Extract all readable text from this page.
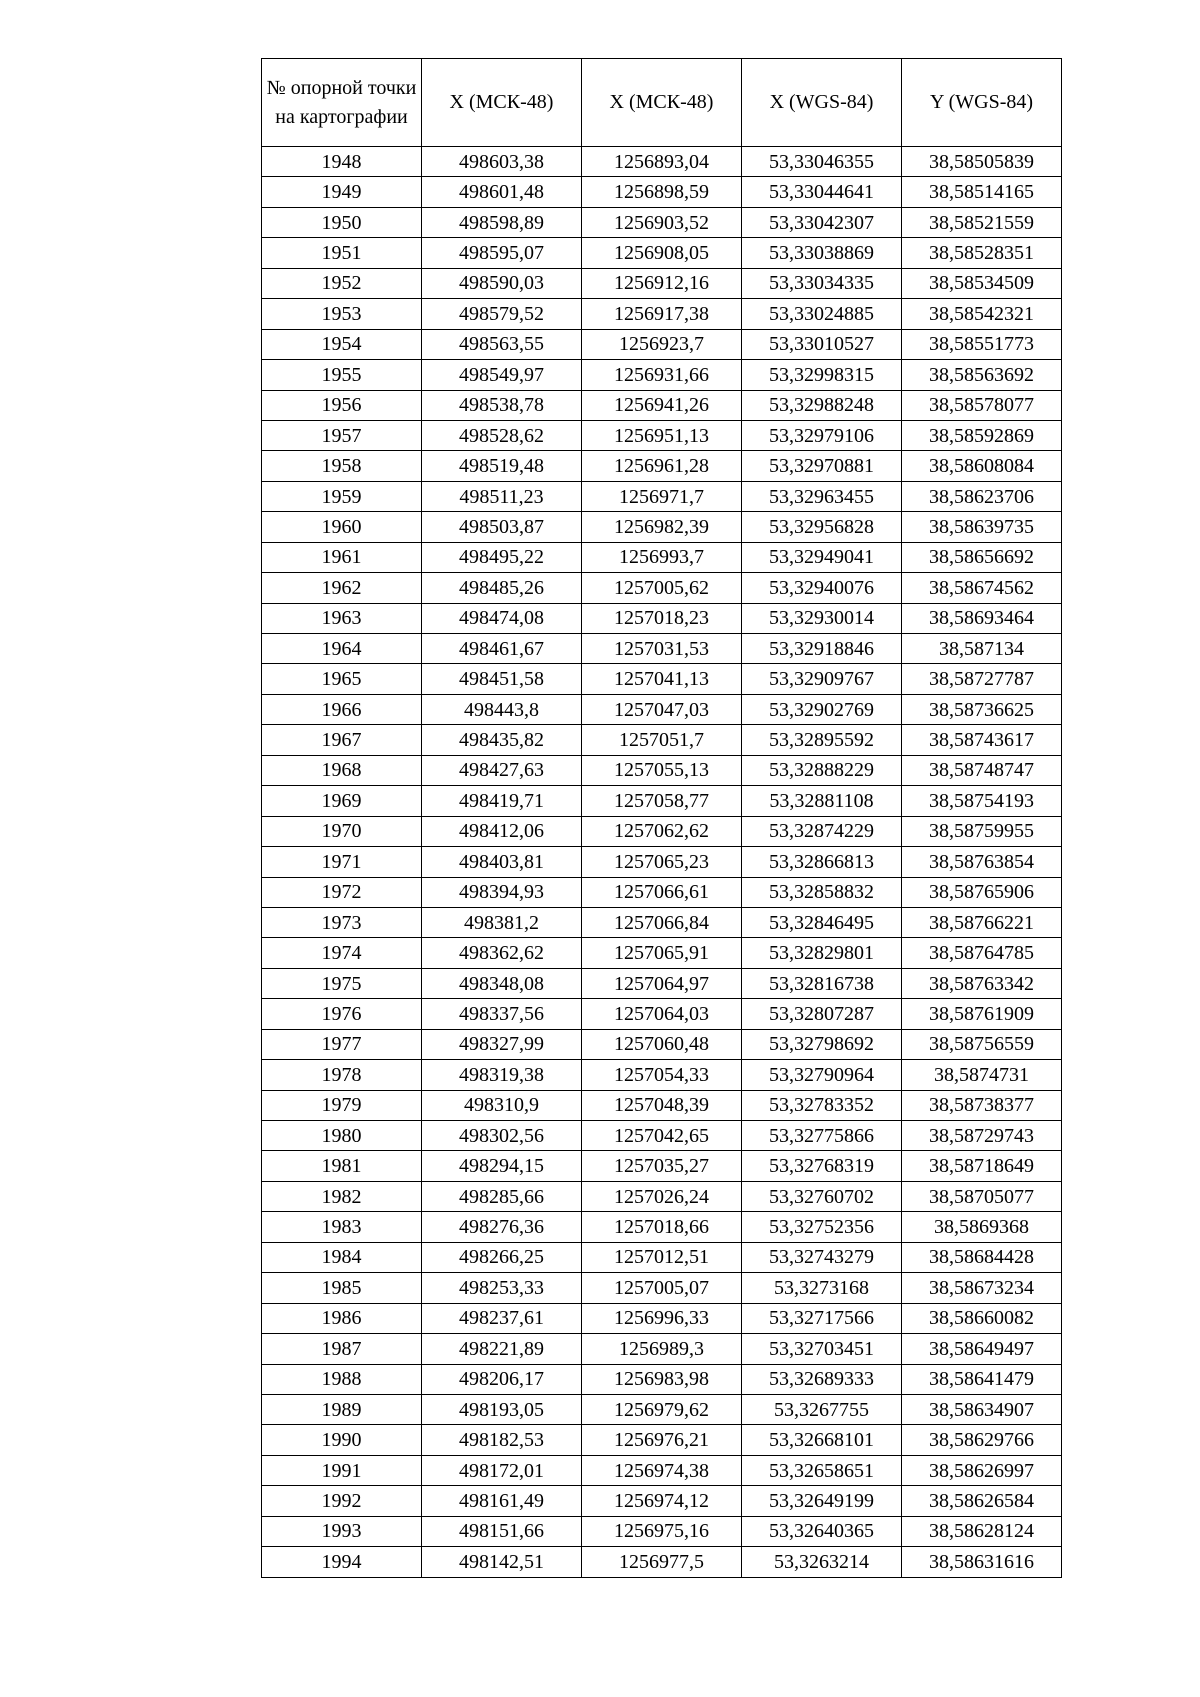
№ опорной точки на картографии	X (МСК-48)	X (МСК-48)	X (WGS-84)	Y (WGS-84)
1948	498603,38	1256893,04	53,33046355	38,58505839
1949	498601,48	1256898,59	53,33044641	38,58514165
1950	498598,89	1256903,52	53,33042307	38,58521559
1951	498595,07	1256908,05	53,33038869	38,58528351
1952	498590,03	1256912,16	53,33034335	38,58534509
1953	498579,52	1256917,38	53,33024885	38,58542321
1954	498563,55	1256923,7	53,33010527	38,58551773
1955	498549,97	1256931,66	53,32998315	38,58563692
1956	498538,78	1256941,26	53,32988248	38,58578077
1957	498528,62	1256951,13	53,32979106	38,58592869
1958	498519,48	1256961,28	53,32970881	38,58608084
1959	498511,23	1256971,7	53,32963455	38,58623706
1960	498503,87	1256982,39	53,32956828	38,58639735
1961	498495,22	1256993,7	53,32949041	38,58656692
1962	498485,26	1257005,62	53,32940076	38,58674562
1963	498474,08	1257018,23	53,32930014	38,58693464
1964	498461,67	1257031,53	53,32918846	38,587134
1965	498451,58	1257041,13	53,32909767	38,58727787
1966	498443,8	1257047,03	53,32902769	38,58736625
1967	498435,82	1257051,7	53,32895592	38,58743617
1968	498427,63	1257055,13	53,32888229	38,58748747
1969	498419,71	1257058,77	53,32881108	38,58754193
1970	498412,06	1257062,62	53,32874229	38,58759955
1971	498403,81	1257065,23	53,32866813	38,58763854
1972	498394,93	1257066,61	53,32858832	38,58765906
1973	498381,2	1257066,84	53,32846495	38,58766221
1974	498362,62	1257065,91	53,32829801	38,58764785
1975	498348,08	1257064,97	53,32816738	38,58763342
1976	498337,56	1257064,03	53,32807287	38,58761909
1977	498327,99	1257060,48	53,32798692	38,58756559
1978	498319,38	1257054,33	53,32790964	38,5874731
1979	498310,9	1257048,39	53,32783352	38,58738377
1980	498302,56	1257042,65	53,32775866	38,58729743
1981	498294,15	1257035,27	53,32768319	38,58718649
1982	498285,66	1257026,24	53,32760702	38,58705077
1983	498276,36	1257018,66	53,32752356	38,5869368
1984	498266,25	1257012,51	53,32743279	38,58684428
1985	498253,33	1257005,07	53,3273168	38,58673234
1986	498237,61	1256996,33	53,32717566	38,58660082
1987	498221,89	1256989,3	53,32703451	38,58649497
1988	498206,17	1256983,98	53,32689333	38,58641479
1989	498193,05	1256979,62	53,3267755	38,58634907
1990	498182,53	1256976,21	53,32668101	38,58629766
1991	498172,01	1256974,38	53,32658651	38,58626997
1992	498161,49	1256974,12	53,32649199	38,58626584
1993	498151,66	1256975,16	53,32640365	38,58628124
1994	498142,51	1256977,5	53,3263214	38,58631616
